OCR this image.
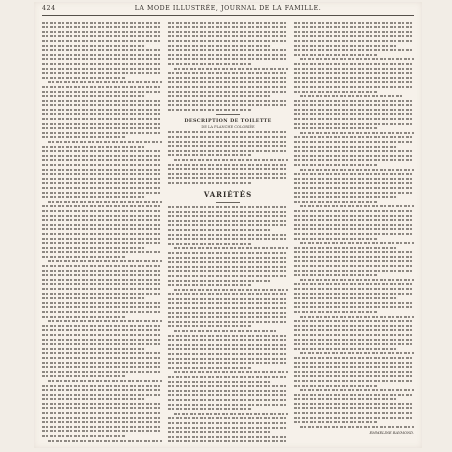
424	LA MODE ILLUSTRÉE, JOURNAL DE LA FAMILLE.
DESCRIPTION DE TOILETTE
DE LA PLANCHE COLORIÉE
VARIÉTÉS
EMMELINE RAYMOND.
